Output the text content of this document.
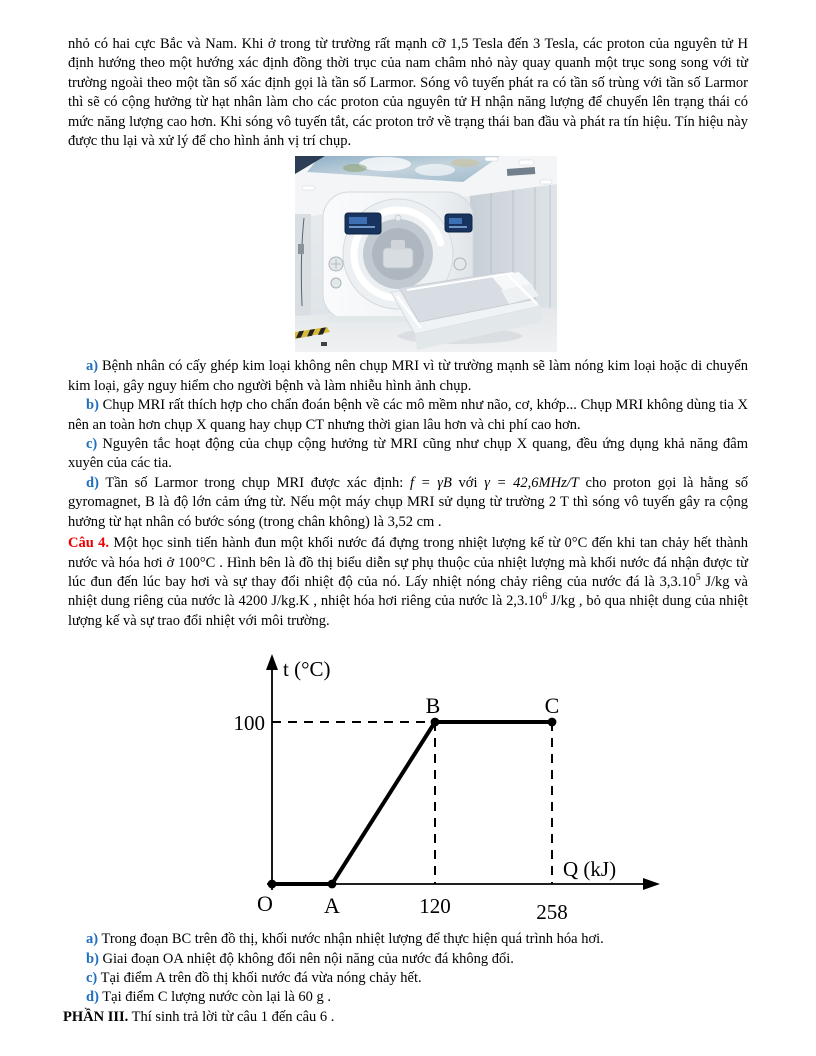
nhỏ có hai cực Bắc và Nam. Khi ở trong từ trường rất mạnh cỡ 1,5 Tesla đến 3 Tesla, các proton của nguyên tử H định hướng theo một hướng xác định đồng thời trục của nam châm nhỏ này quay quanh một trục song song với từ trường ngoài theo một tần số xác định gọi là tần số Larmor. Sóng vô tuyến phát ra có tần số trùng với tần số Larmor thì sẽ có cộng hưởng từ hạt nhân làm cho các proton của nguyên tử H nhận năng lượng để chuyển lên trạng thái có mức năng lượng cao hơn. Khi sóng vô tuyến tắt, các proton trở về trạng thái ban đầu và phát ra tín hiệu. Tín hiệu này được thu lại và xử lý để cho hình ảnh vị trí chụp.

a) Bệnh nhân có cấy ghép kim loại không nên chụp MRI vì từ trường mạnh sẽ làm nóng kim loại hoặc di chuyển kim loại, gây nguy hiểm cho người bệnh và làm nhiễu hình ảnh chụp.
b) Chụp MRI rất thích hợp cho chẩn đoán bệnh về các mô mềm như não, cơ, khớp... Chụp MRI không dùng tia X nên an toàn hơn chụp X quang hay chụp CT nhưng thời gian lâu hơn và chi phí cao hơn.
c) Nguyên tắc hoạt động của chụp cộng hưởng từ MRI cũng như chụp X quang, đều ứng dụng khả năng đâm xuyên của các tia.
d) Tần số Larmor trong chụp MRI được xác định: f = γB với γ = 42,6MHz/T cho proton gọi là hằng số gyromagnet, B là độ lớn cảm ứng từ. Nếu một máy chụp MRI sử dụng từ trường 2 T thì sóng vô tuyến gây ra cộng hưởng từ hạt nhân có bước sóng (trong chân không) là 3,52 cm .

Câu 4. Một học sinh tiến hành đun một khối nước đá đựng trong nhiệt lượng kế từ 0°C đến khi tan chảy hết thành nước và hóa hơi ở 100°C . Hình bên là đồ thị biểu diễn sự phụ thuộc của nhiệt lượng mà khối nước đá nhận được từ lúc đun đến lúc bay hơi và sự thay đổi nhiệt độ của nó. Lấy nhiệt nóng chảy riêng của nước đá là 3,3.10$^5$ J/kg và nhiệt dung riêng của nước là 4200 J/kg.K , nhiệt hóa hơi riêng của nước là 2,3.10$^6$ J/kg , bỏ qua nhiệt dung của nhiệt lượng kế và sự trao đổi nhiệt với môi trường.

t (°C)
Q (kJ)
100
O A
B	C
120	258
a) Trong đoạn BC trên đồ thị, khối nước nhận nhiệt lượng để thực hiện quá trình hóa hơi.
b) Giai đoạn OA nhiệt độ không đổi nên nội năng của nước đá không đổi.
c) Tại điểm A trên đồ thị khối nước đá vừa nóng chảy hết.
d) Tại điểm C lượng nước còn lại là 60 g .

PHẦN III. Thí sinh trả lời từ câu 1 đến câu 6 .
